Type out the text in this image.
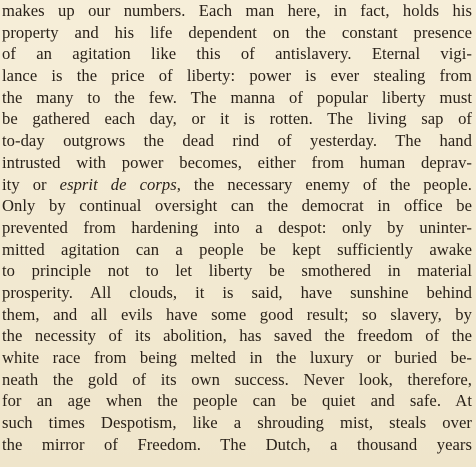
makes up our numbers. Each man here, in fact, holds his
property and his life dependent on the constant presence
of an agitation like this of antislavery. Eternal vigi-
lance is the price of liberty: power is ever stealing from
the many to the few. The manna of popular liberty must
be gathered each day, or it is rotten. The living sap of
to-day outgrows the dead rind of yesterday. The hand
intrusted with power becomes, either from human deprav-
ity or esprit de corps, the necessary enemy of the people.
Only by continual oversight can the democrat in office be
prevented from hardening into a despot: only by uninter-
mitted agitation can a people be kept sufficiently awake
to principle not to let liberty be smothered in material
prosperity. All clouds, it is said, have sunshine behind
them, and all evils have some good result; so slavery, by
the necessity of its abolition, has saved the freedom of the
white race from being melted in the luxury or buried be-
neath the gold of its own success. Never look, therefore,
for an age when the people can be quiet and safe. At
such times Despotism, like a shrouding mist, steals over
the mirror of Freedom. The Dutch, a thousand years
